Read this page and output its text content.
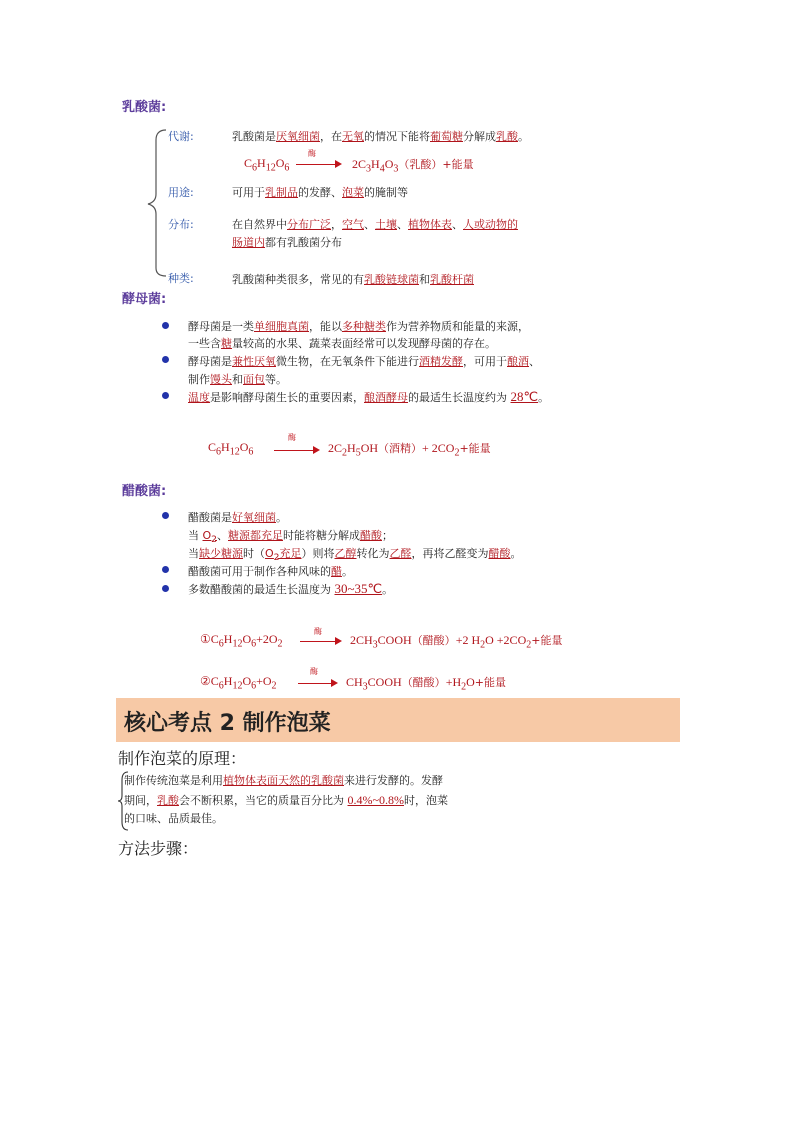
乳酸菌:
代谢:	乳酸菌是厌氧细菌，在无氧的情况下能将葡萄糖分解成乳酸。
$C_6H_{12}O_6$
酶
$2C_3H_4O_3$（乳酸）+能量
用途:	可用于乳制品的发酵、泡菜的腌制等
分布:	在自然界中分布广泛，空气、土壤、植物体表、人或动物的
肠道内都有乳酸菌分布
种类:	乳酸菌种类很多，常见的有乳酸链球菌和乳酸杆菌
酵母菌:
酵母菌是一类单细胞真菌，能以多种糖类作为营养物质和能量的来源，
一些含糖量较高的水果、蔬菜表面经常可以发现酵母菌的存在。
酵母菌是兼性厌氧微生物，在无氧条件下能进行酒精发酵，可用于酿酒、
制作馒头和面包等。
温度是影响酵母菌生长的重要因素，酿酒酵母的最适生长温度约为 28℃。
$C_6H_{12}O_6$
酶
$2C_2H_5OH$（酒精）+ $2CO_2+$能量
醋酸菌:
醋酸菌是好氧细菌。
当 $O_2$、糖源都充足时能将糖分解成醋酸；
当缺少糖源时（$O_2$充足）则将乙醇转化为乙醛，再将乙醛变为醋酸。
醋酸菌可用于制作各种风味的醋。
多数醋酸菌的最适生长温度为 30~35℃。
$①C_6H_{12}O_6+2O_2$
酶
$2CH_3COOH$（醋酸）+2 $H_2O +2CO_2+$能量
$②C_6H_{12}O_6+O_2$
酶
$CH_3COOH$（醋酸）$+H_2O+$能量
核心考点 2 制作泡菜
制作泡菜的原理：
制作传统泡菜是利用植物体表面天然的乳酸菌来进行发酵的。发酵
期间，乳酸会不断积累，当它的质量百分比为 0.4%~0.8%时，泡菜
的口味、品质最佳。
方法步骤：
